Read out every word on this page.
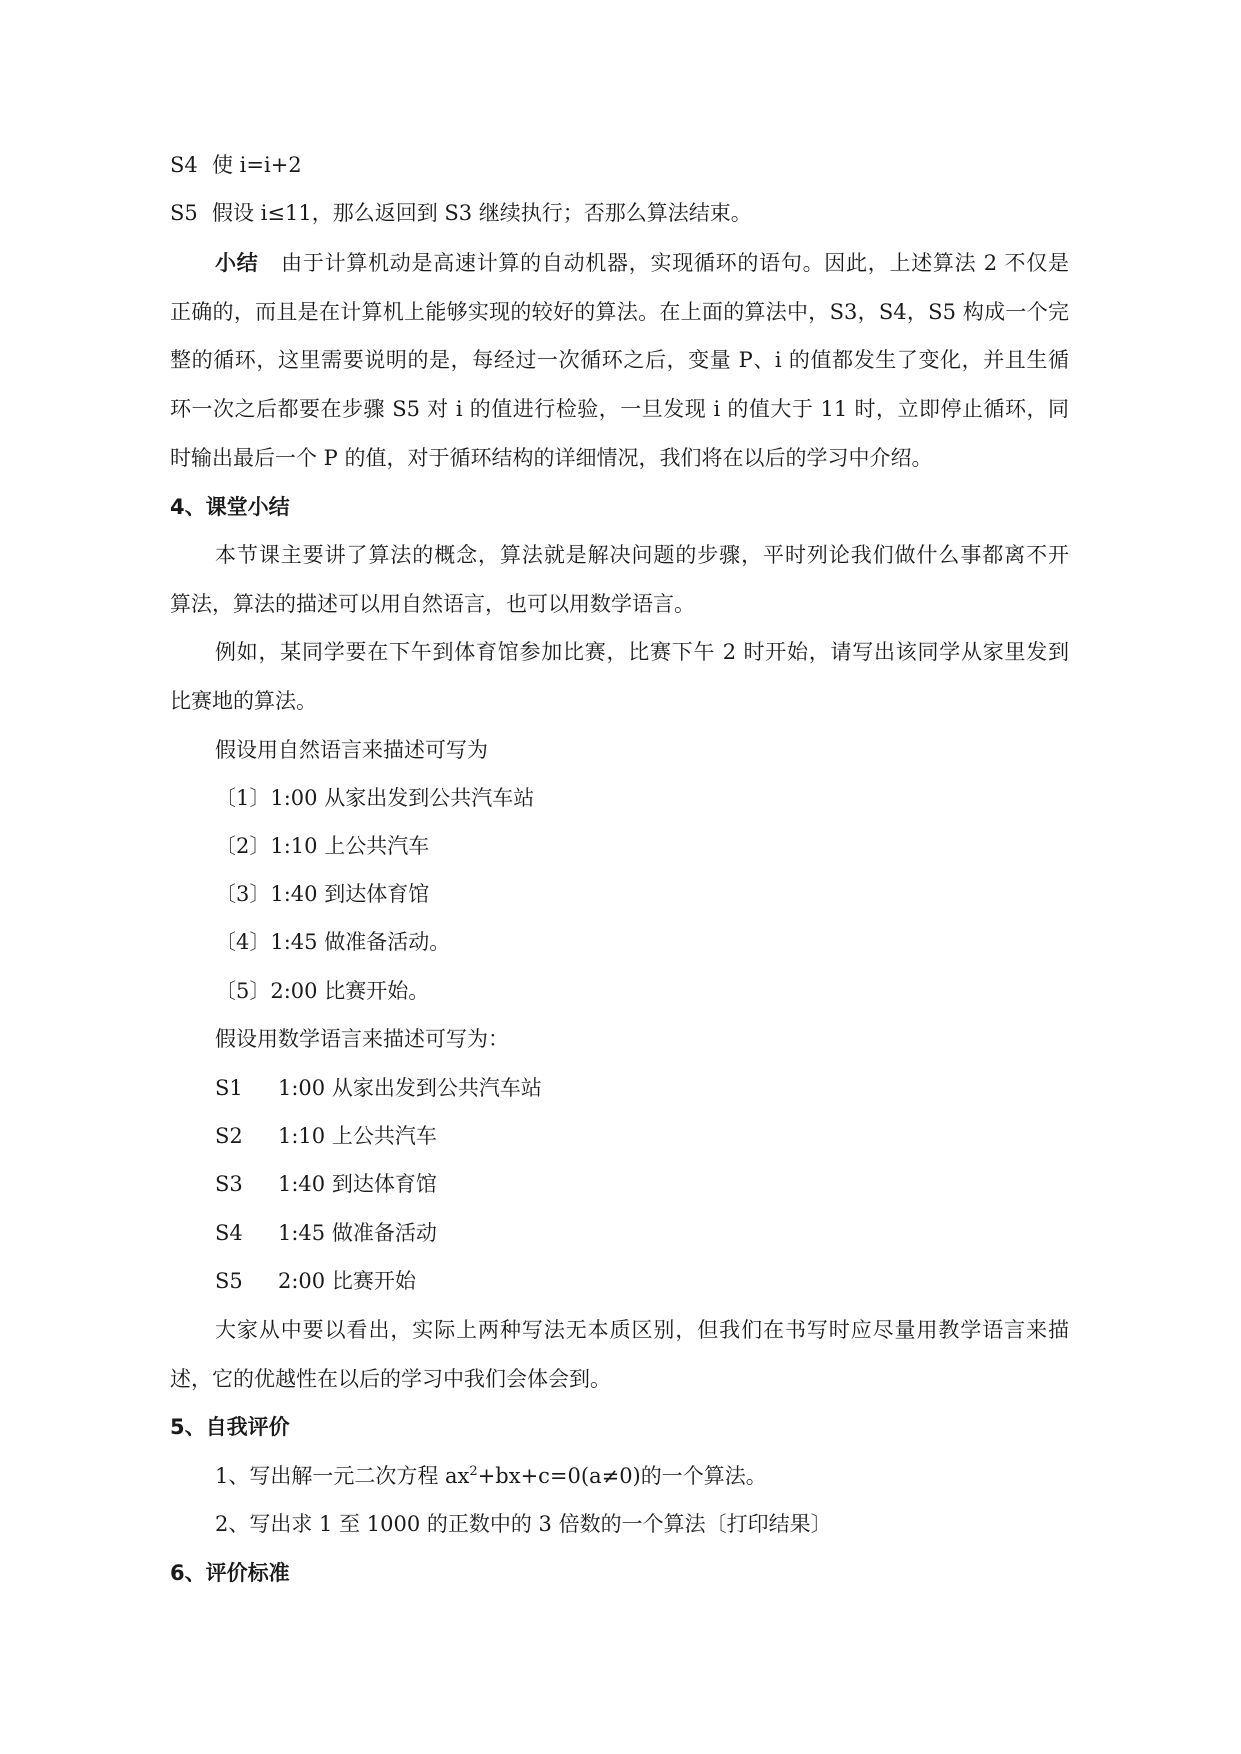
S4 使 i=i+2
S5 假设 i≤11，那么返回到 S3 继续执行；否那么算法结束。
小结 由于计算机动是高速计算的自动机器，实现循环的语句。因此，上述算法 2 不仅是
正确的，而且是在计算机上能够实现的较好的算法。在上面的算法中，S3，S4，S5 构成一个完
整的循环，这里需要说明的是，每经过一次循环之后，变量 P、i 的值都发生了变化，并且生循
环一次之后都要在步骤 S5 对 i 的值进行检验，一旦发现 i 的值大于 11 时，立即停止循环，同
时输出最后一个 P 的值，对于循环结构的详细情况，我们将在以后的学习中介绍。
4、课堂小结
本节课主要讲了算法的概念，算法就是解决问题的步骤，平时列论我们做什么事都离不开
算法，算法的描述可以用自然语言，也可以用数学语言。
例如，某同学要在下午到体育馆参加比赛，比赛下午 2 时开始，请写出该同学从家里发到
比赛地的算法。
假设用自然语言来描述可写为
〔1〕1:00 从家出发到公共汽车站
〔2〕1:10 上公共汽车
〔3〕1:40 到达体育馆
〔4〕1:45 做准备活动。
〔5〕2:00 比赛开始。
假设用数学语言来描述可写为：
S1 1:00 从家出发到公共汽车站
S2 1:10 上公共汽车
S3 1:40 到达体育馆
S4 1:45 做准备活动
S5 2:00 比赛开始
大家从中要以看出，实际上两种写法无本质区别，但我们在书写时应尽量用教学语言来描
述，它的优越性在以后的学习中我们会体会到。
5、自我评价
1、写出解一元二次方程 $ax^2+bx+c=0(a\ne 0)$的一个算法。
2、写出求 1 至 1000 的正数中的 3 倍数的一个算法〔打印结果〕
6、评价标准
